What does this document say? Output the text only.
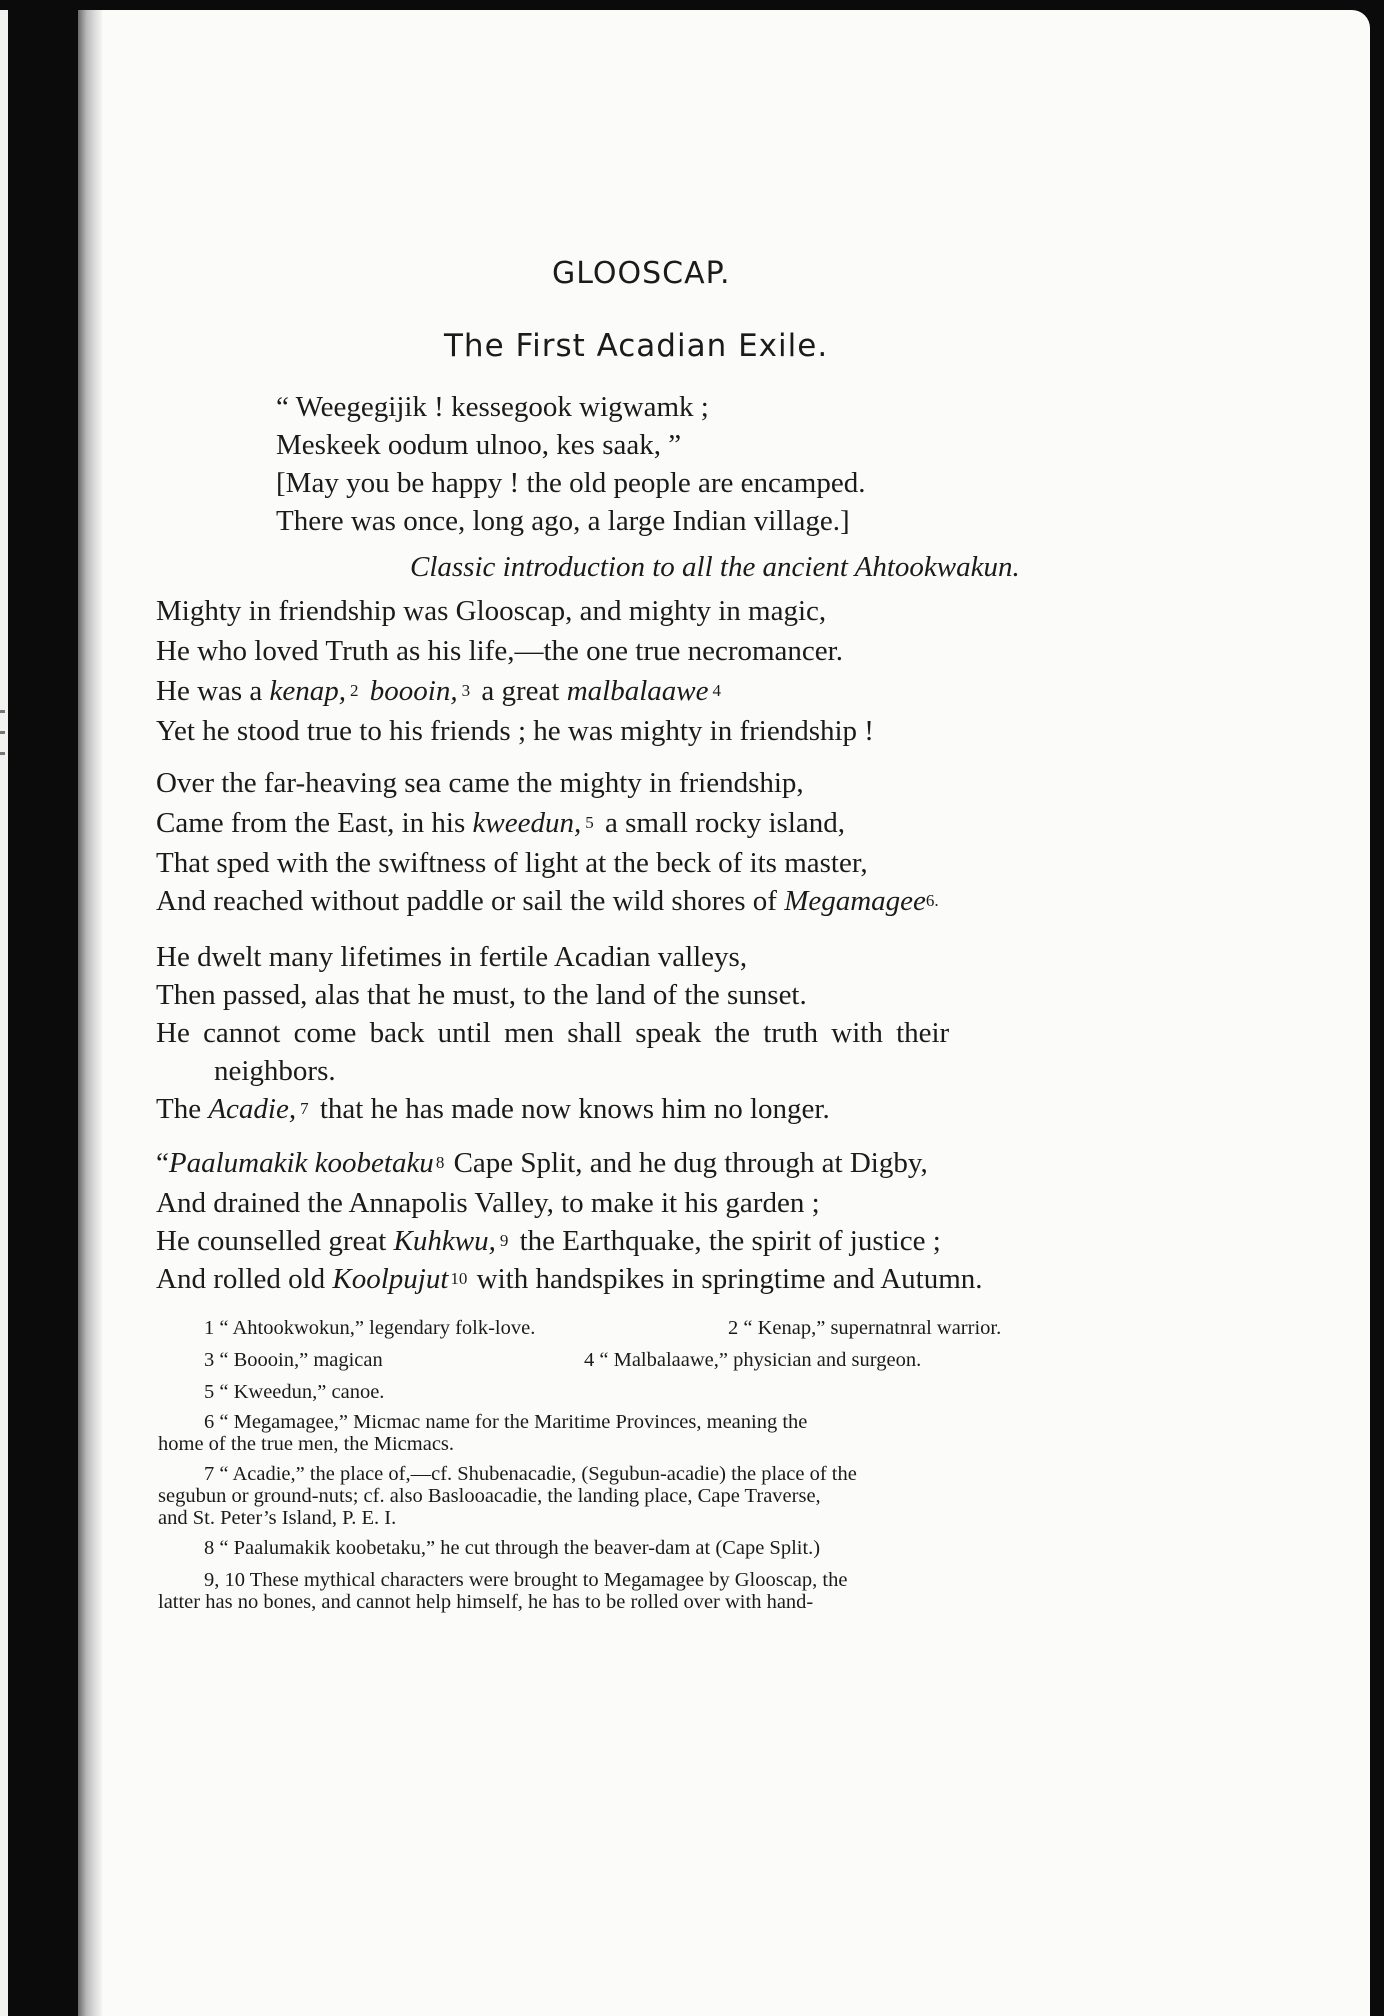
GLOOSCAP.
The First Acadian Exile.
“ Weegegijik ! kessegook wigwamk ;
Meskeek oodum ulnoo, kes saak, ”
[May you be happy ! the old people are encamped.
There was once, long ago, a large Indian village.]
Classic introduction to all the ancient Ahtookwakun.
Mighty in friendship was Glooscap, and mighty in magic,
He who loved Truth as his life,—the one true necromancer.
He was a kenap, $^2$ boooin, $^3$ a great malbalaawe $^4$
Yet he stood true to his friends ; he was mighty in friendship !
Over the far-heaving sea came the mighty in friendship,
Came from the East, in his kweedun, $^5$ a small rocky island,
That sped with the swiftness of light at the beck of its master,
And reached without paddle or sail the wild shores of Megamagee$^{6.}$
He dwelt many lifetimes in fertile Acadian valleys,
Then passed, alas that he must, to the land of the sunset.
He cannot come back until men shall speak the truth with their
neighbors.
The Acadie, $^7$ that he has made now knows him no longer.
“Paalumakik koobetaku $^8$ Cape Split, and he dug through at Digby,
And drained the Annapolis Valley, to make it his garden ;
He counselled great Kuhkwu, $^9$ the Earthquake, the spirit of justice ;
And rolled old Koolpujut $^{10}$ with handspikes in springtime and Autumn.
1 “ Ahtookwokun,” legendary folk-love.	2 “ Kenap,” supernatnral warrior.
3 “ Boooin,” magican	4 “ Malbalaawe,” physician and surgeon.
5 “ Kweedun,” canoe.
6 “ Megamagee,” Micmac name for the Maritime Provinces, meaning the
home of the true men, the Micmacs.
7 “ Acadie,” the place of,—cf. Shubenacadie, (Segubun-acadie) the place of the
segubun or ground-nuts; cf. also Baslooacadie, the landing place, Cape Traverse,
and St. Peter’s Island, P. E. I.
8 “ Paalumakik koobetaku,” he cut through the beaver-dam at (Cape Split.)
9, 10 These mythical characters were brought to Megamagee by Glooscap, the
latter has no bones, and cannot help himself, he has to be rolled over with hand-
